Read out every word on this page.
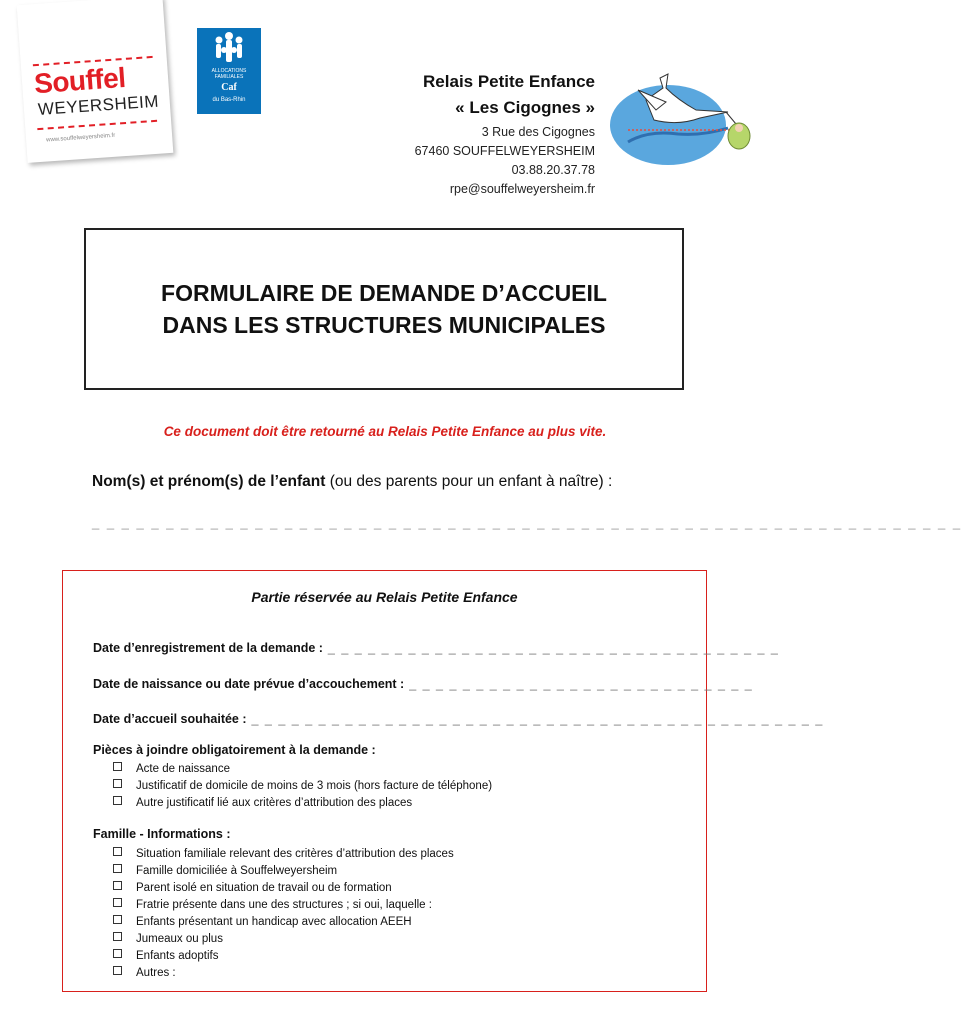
Souffel
WEYERSHEIM
www.souffelweyersheim.fr
ALLOCATIONS FAMILIALES
Caf
du Bas-Rhin
Relais Petite Enfance
« Les Cigognes »
3 Rue des Cigognes
67460 SOUFFELWEYERSHEIM
03.88.20.37.78
rpe@souffelweyersheim.fr
FORMULAIRE DE DEMANDE D’ACCUEIL
DANS LES STRUCTURES MUNICIPALES
Ce document doit être retourné au Relais Petite Enfance au plus vite.
Nom(s) et prénom(s) de l’enfant (ou des parents pour un enfant à naître) :
_ _ _ _ _ _ _ _ _ _ _ _ _ _ _ _ _ _ _ _ _ _ _ _ _ _ _ _ _ _ _ _ _ _ _ _ _ _ _ _ _ _ _ _ _ _ _ _ _ _ _ _ _ _ _ _ _ _ _
Partie réservée au Relais Petite Enfance
Date d’enregistrement de la demande : _ _ _ _ _ _ _ _ _ _ _ _ _ _ _ _ _ _ _ _ _ _ _ _ _ _ _ _ _ _ _ _ _ _
Date de naissance ou date prévue d’accouchement : _ _ _ _ _ _ _ _ _ _ _ _ _ _ _ _ _ _ _ _ _ _ _ _ _ _
Date d’accueil souhaitée : _ _ _ _ _ _ _ _ _ _ _ _ _ _ _ _ _ _ _ _ _ _ _ _ _ _ _ _ _ _ _ _ _ _ _ _ _ _ _ _ _ _ _
Pièces à joindre obligatoirement à la demande :
Acte de naissance
Justificatif de domicile de moins de 3 mois (hors facture de téléphone)
Autre justificatif lié aux critères d’attribution des places
Famille - Informations :
Situation familiale relevant des critères d’attribution des places
Famille domiciliée à Souffelweyersheim
Parent isolé en situation de travail ou de formation
Fratrie présente dans une des structures ; si oui, laquelle :
Enfants présentant un handicap avec allocation AEEH
Jumeaux ou plus
Enfants adoptifs
Autres :
